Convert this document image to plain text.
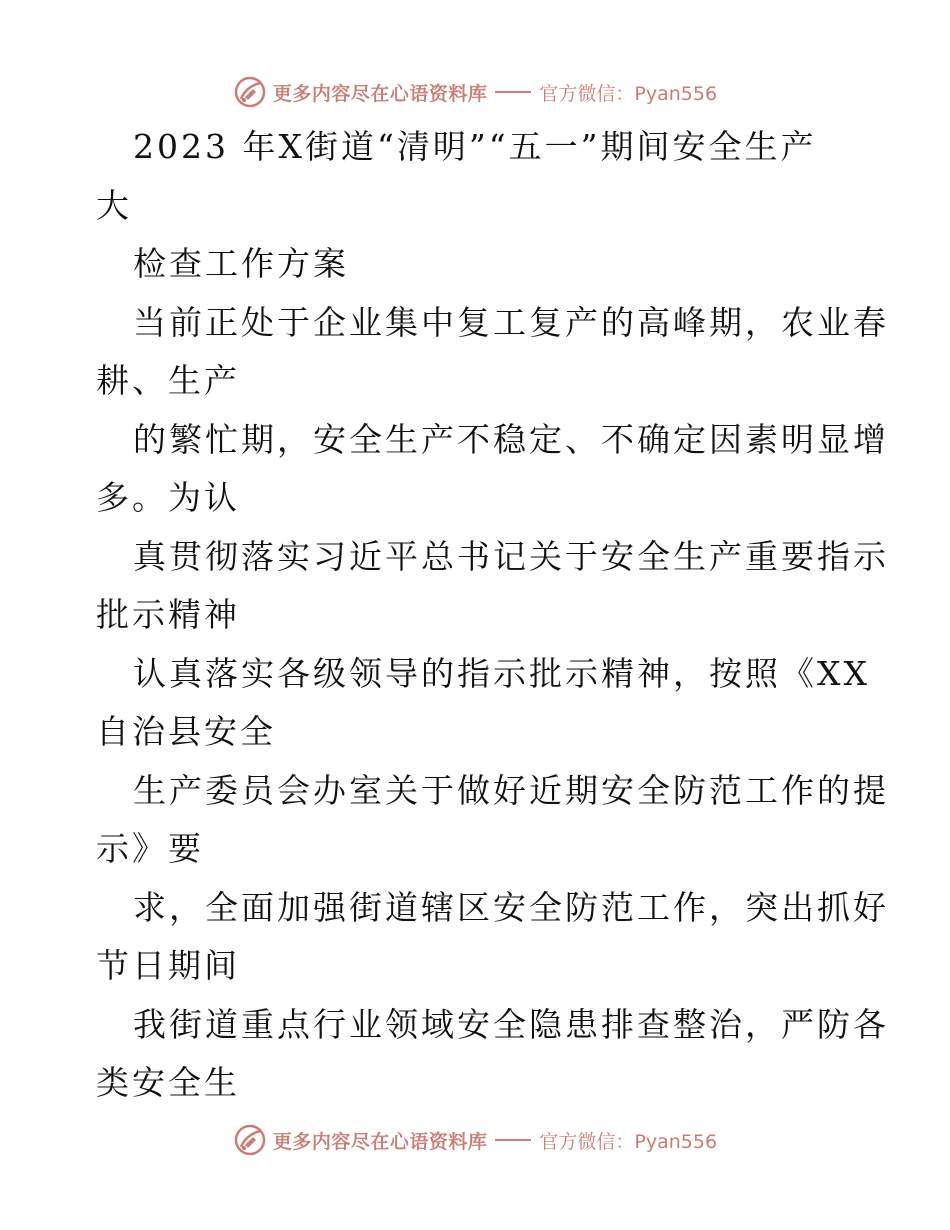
更多内容尽在心语资料库	官方微信：Pyan556
2023 年X街道“清明”“五一”期间安全生产
大
检查工作方案
当前正处于企业集中复工复产的高峰期，农业春
耕、生产
的繁忙期，安全生产不稳定、不确定因素明显增
多。为认
真贯彻落实习近平总书记关于安全生产重要指示
批示精神
认真落实各级领导的指示批示精神，按照《XX
自治县安全
生产委员会办室关于做好近期安全防范工作的提
示》要
求，全面加强街道辖区安全防范工作，突出抓好
节日期间
我街道重点行业领域安全隐患排查整治，严防各
类安全生
更多内容尽在心语资料库	官方微信：Pyan556
